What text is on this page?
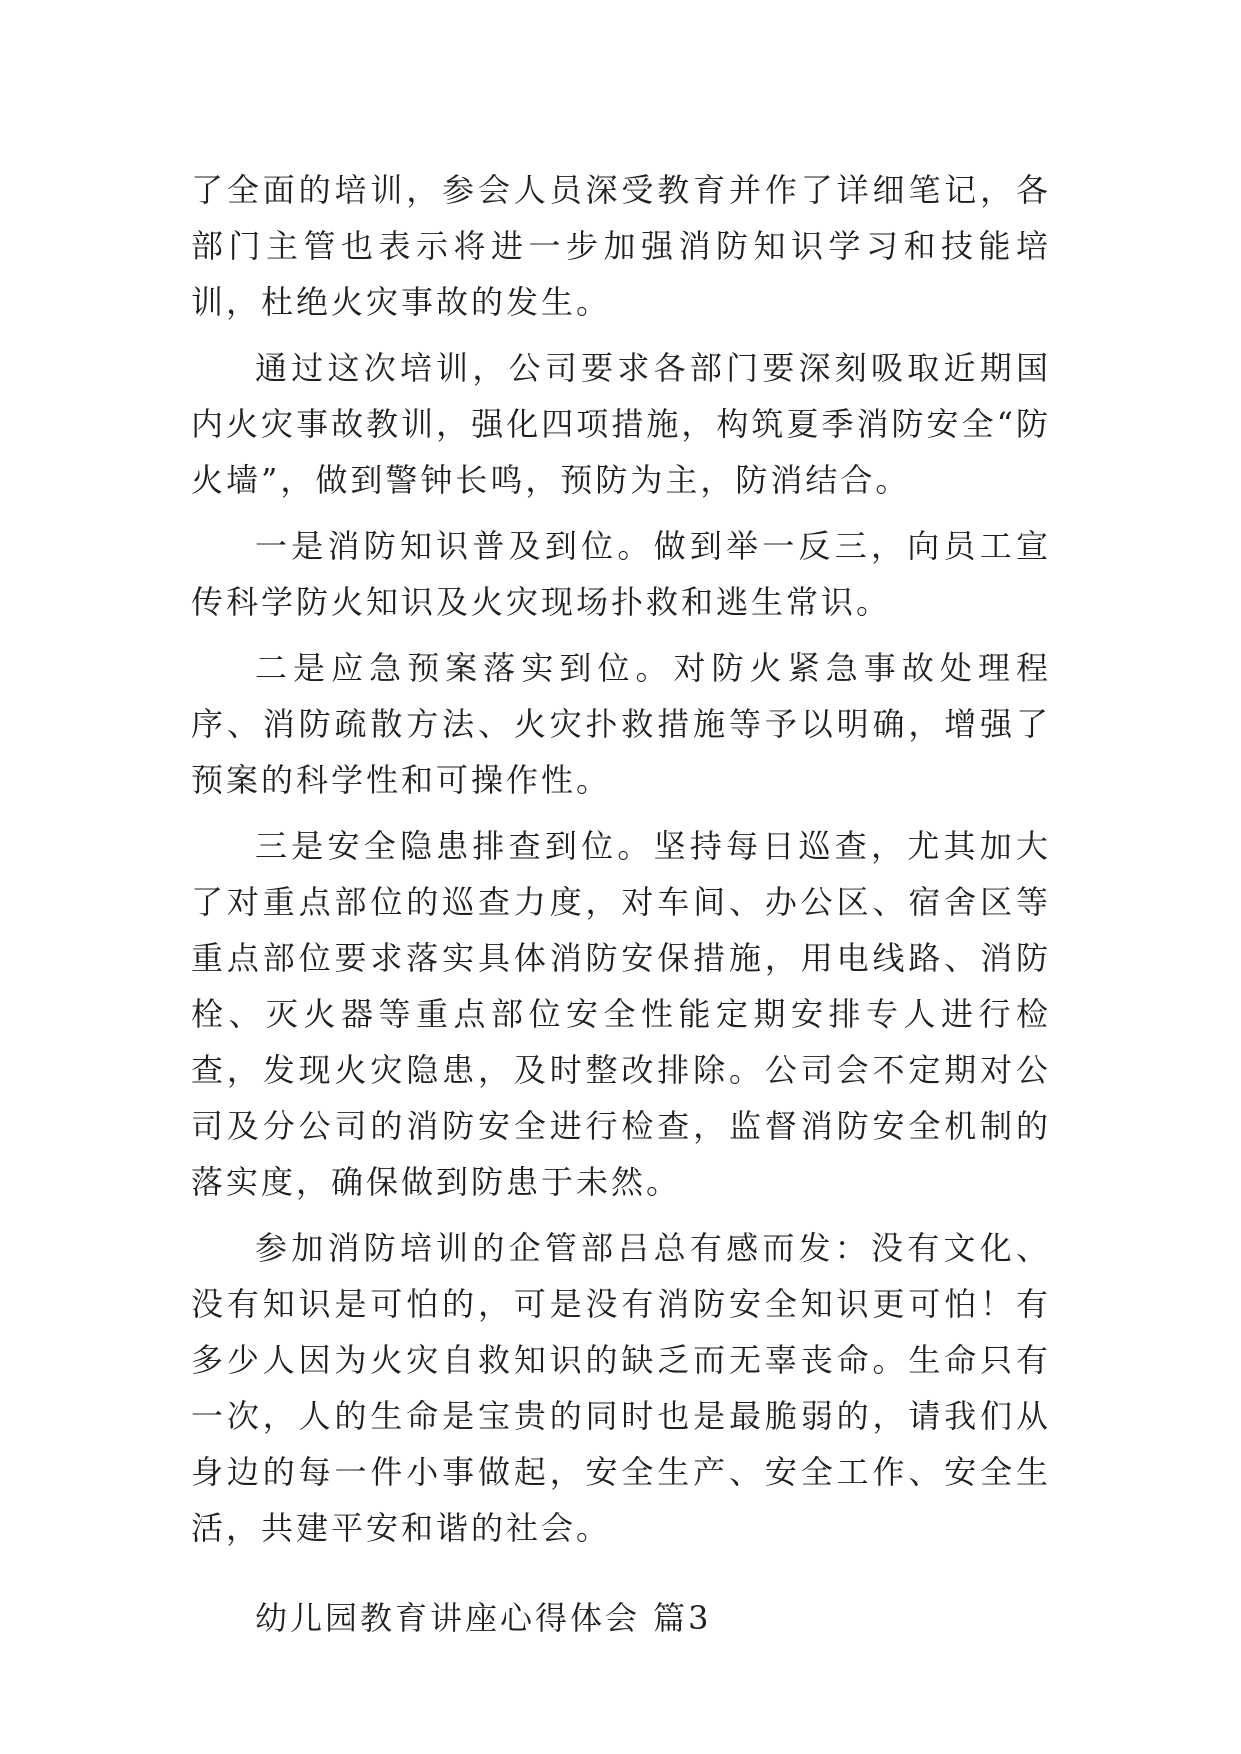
了全面的培训，参会人员深受教育并作了详细笔记，各部门主管也表示将进一步加强消防知识学习和技能培训，杜绝火灾事故的发生。

通过这次培训，公司要求各部门要深刻吸取近期国内火灾事故教训，强化四项措施，构筑夏季消防安全“防火墙”，做到警钟长鸣，预防为主，防消结合。

一是消防知识普及到位。做到举一反三，向员工宣传科学防火知识及火灾现场扑救和逃生常识。

二是应急预案落实到位。对防火紧急事故处理程序、消防疏散方法、火灾扑救措施等予以明确，增强了预案的科学性和可操作性。

三是安全隐患排查到位。坚持每日巡查，尤其加大了对重点部位的巡查力度，对车间、办公区、宿舍区等重点部位要求落实具体消防安保措施，用电线路、消防栓、灭火器等重点部位安全性能定期安排专人进行检查，发现火灾隐患，及时整改排除。公司会不定期对公司及分公司的消防安全进行检查，监督消防安全机制的落实度，确保做到防患于未然。

参加消防培训的企管部吕总有感而发：没有文化、没有知识是可怕的，可是没有消防安全知识更可怕！有多少人因为火灾自救知识的缺乏而无辜丧命。生命只有一次，人的生命是宝贵的同时也是最脆弱的，请我们从身边的每一件小事做起，安全生产、安全工作、安全生活，共建平安和谐的社会。

幼儿园教育讲座心得体会 篇3
